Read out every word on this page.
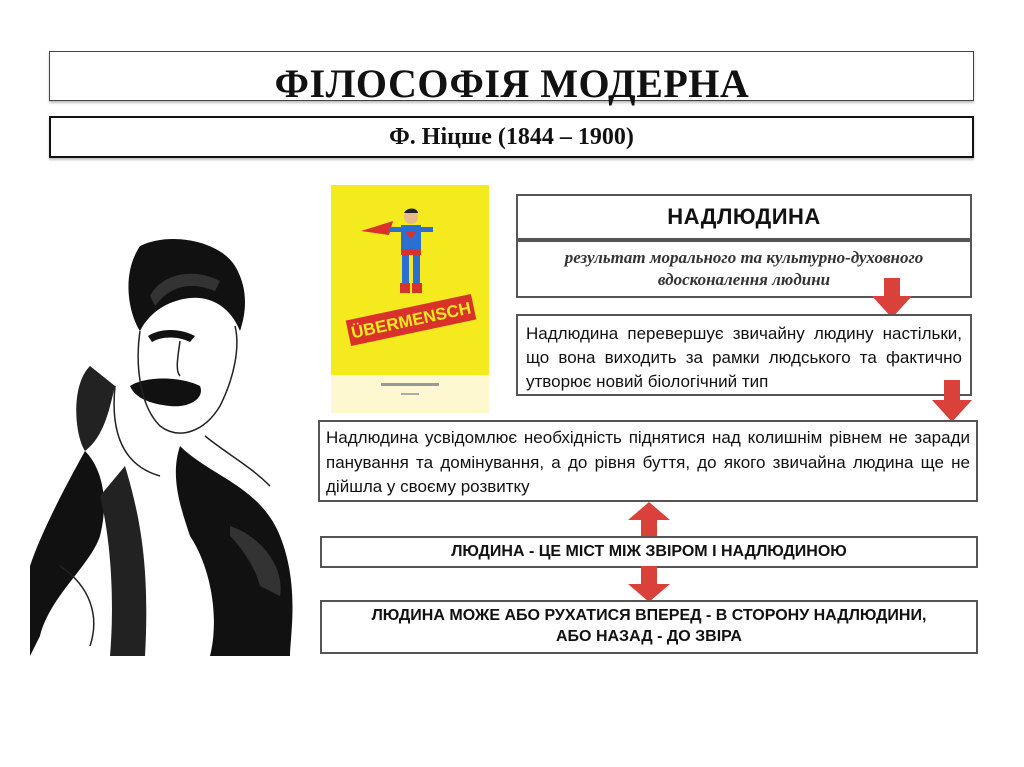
ФІЛОСОФІЯ МОДЕРНА
Ф. Ніцше (1844 – 1900)
ÜBERMENSCH
НАДЛЮДИНА
результат морального та культурно-духовного вдосконалення людини
Надлюдина перевершує звичайну людину настільки, що вона виходить за рамки людського та фактично утворює новий біологічний тип
Надлюдина усвідомлює необхідність піднятися над колишнім рівнем не заради панування та домінування, а до рівня буття, до якого звичайна людина ще не дійшла у своєму розвитку
ЛЮДИНА - ЦЕ МІСТ МІЖ ЗВІРОМ І НАДЛЮДИНОЮ
ЛЮДИНА МОЖЕ АБО РУХАТИСЯ ВПЕРЕД - В СТОРОНУ НАДЛЮДИНИ, АБО НАЗАД - ДО ЗВІРА
